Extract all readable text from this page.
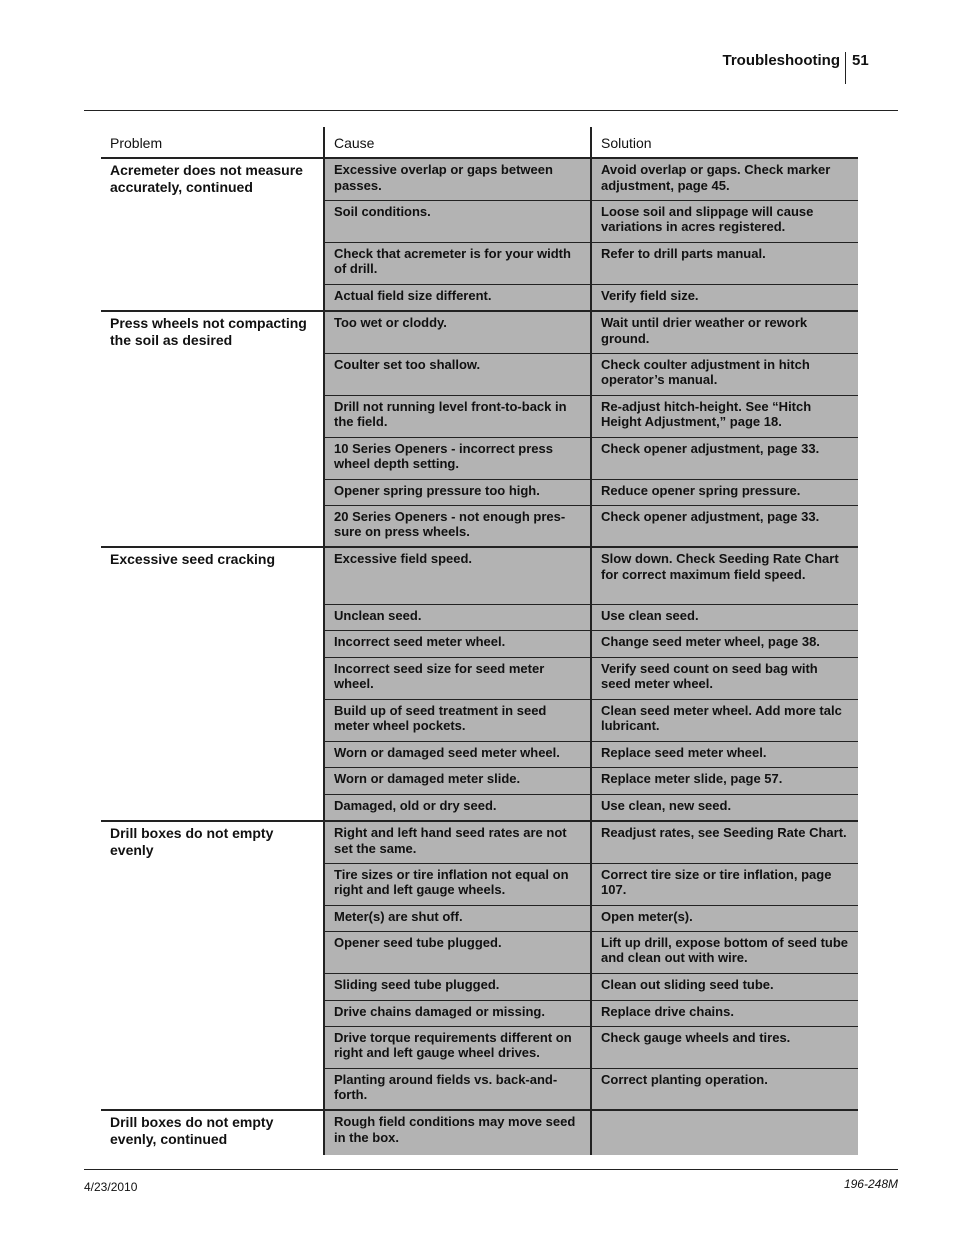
Troubleshooting 51
Problem	Cause	Solution
Acremeter does not measure accurately, continued	Excessive overlap or gaps between passes.	Avoid overlap or gaps. Check marker adjustment, page 45.
	Soil conditions.	Loose soil and slippage will cause variations in acres registered.
	Check that acremeter is for your width of drill.	Refer to drill parts manual.
	Actual field size different.	Verify field size.
Press wheels not compacting the soil as desired	Too wet or cloddy.	Wait until drier weather or rework ground.
	Coulter set too shallow.	Check coulter adjustment in hitch operator’s manual.
	Drill not running level front-to-back in the field.	Re-adjust hitch-height. See “Hitch Height Adjustment,” page 18.
	10 Series Openers - incorrect press wheel depth setting.	Check opener adjustment, page 33.
	Opener spring pressure too high.	Reduce opener spring pressure.
	20 Series Openers - not enough pres-sure on press wheels.	Check opener adjustment, page 33.
Excessive seed cracking	Excessive field speed.	Slow down. Check Seeding Rate Chart for correct maximum field speed.
	Unclean seed.	Use clean seed.
	Incorrect seed meter wheel.	Change seed meter wheel, page 38.
	Incorrect seed size for seed meter wheel.	Verify seed count on seed bag with seed meter wheel.
	Build up of seed treatment in seed meter wheel pockets.	Clean seed meter wheel. Add more talc lubricant.
	Worn or damaged seed meter wheel.	Replace seed meter wheel.
	Worn or damaged meter slide.	Replace meter slide, page 57.
	Damaged, old or dry seed.	Use clean, new seed.
Drill boxes do not empty evenly	Right and left hand seed rates are not set the same.	Readjust rates, see Seeding Rate Chart.
	Tire sizes or tire inflation not equal on right and left gauge wheels.	Correct tire size or tire inflation, page 107.
	Meter(s) are shut off.	Open meter(s).
	Opener seed tube plugged.	Lift up drill, expose bottom of seed tube and clean out with wire.
	Sliding seed tube plugged.	Clean out sliding seed tube.
	Drive chains damaged or missing.	Replace drive chains.
	Drive torque requirements different on right and left gauge wheel drives.	Check gauge wheels and tires.
	Planting around fields vs. back-and-forth.	Correct planting operation.
Drill boxes do not empty evenly, continued	Rough field conditions may move seed in the box.	
4/23/2010	196-248M
